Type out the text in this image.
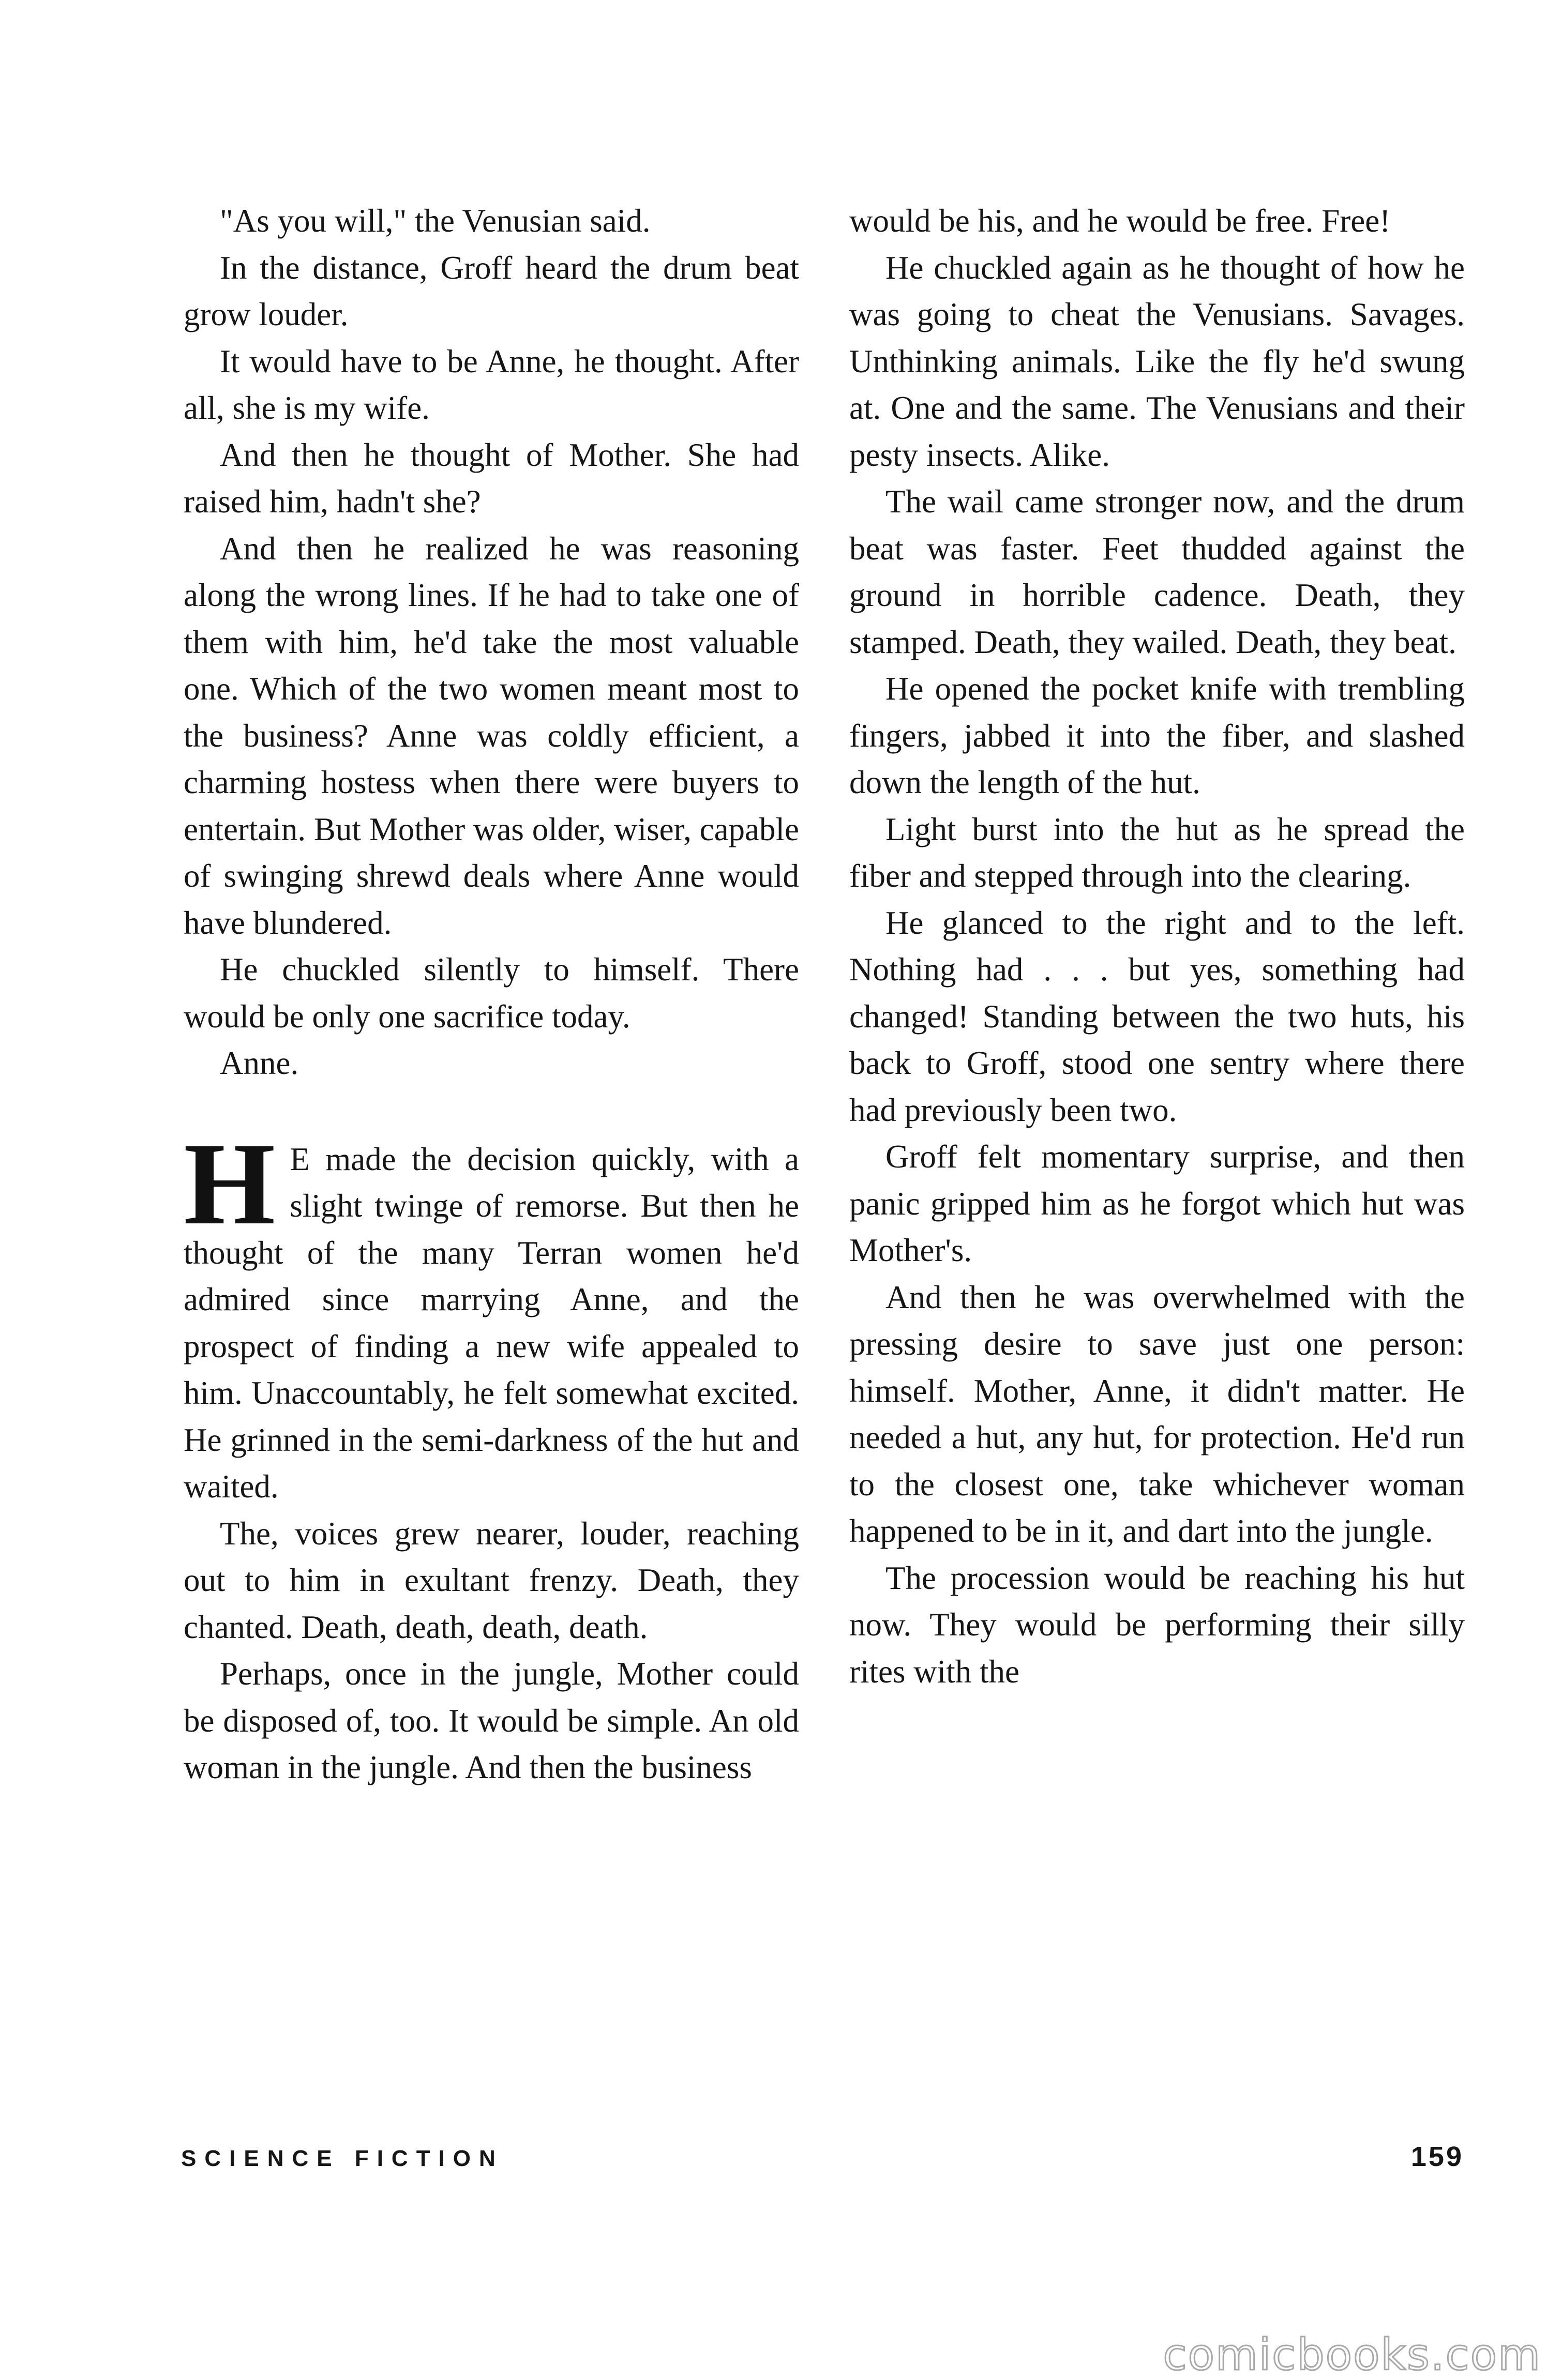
"As you will," the Venusian said.

In the distance, Groff heard the drum beat grow louder.

It would have to be Anne, he thought. After all, she is my wife.

And then he thought of Mother. She had raised him, hadn't she?

And then he realized he was reasoning along the wrong lines. If he had to take one of them with him, he'd take the most valuable one. Which of the two women meant most to the business? Anne was coldly efficient, a charming hostess when there were buyers to entertain. But Mother was older, wiser, capable of swinging shrewd deals where Anne would have blundered.

He chuckled silently to himself. There would be only one sacrifice today.

Anne.

H E made the decision quickly, with a slight twinge of remorse. But then he thought of the many Terran women he'd admired since marrying Anne, and the prospect of finding a new wife appealed to him. Unaccountably, he felt somewhat excited. He grinned in the semi-darkness of the hut and waited.

The, voices grew nearer, louder, reaching out to him in exultant frenzy. Death, they chanted. Death, death, death, death.

Perhaps, once in the jungle, Mother could be disposed of, too. It would be simple. An old woman in the jungle. And then the business

would be his, and he would be free. Free!

He chuckled again as he thought of how he was going to cheat the Venusians. Savages. Unthinking animals. Like the fly he'd swung at. One and the same. The Venusians and their pesty insects. Alike.

The wail came stronger now, and the drum beat was faster. Feet thudded against the ground in horrible cadence. Death, they stamped. Death, they wailed. Death, they beat.

He opened the pocket knife with trembling fingers, jabbed it into the fiber, and slashed down the length of the hut.

Light burst into the hut as he spread the fiber and stepped through into the clearing.

He glanced to the right and to the left. Nothing had . . . but yes, something had changed! Standing between the two huts, his back to Groff, stood one sentry where there had previously been two.

Groff felt momentary surprise, and then panic gripped him as he forgot which hut was Mother's.

And then he was overwhelmed with the pressing desire to save just one person: himself. Mother, Anne, it didn't matter. He needed a hut, any hut, for protection. He'd run to the closest one, take whichever woman happened to be in it, and dart into the jungle.

The procession would be reaching his hut now. They would be performing their silly rites with the

SCIENCE FICTION	159
comicbooks.com
